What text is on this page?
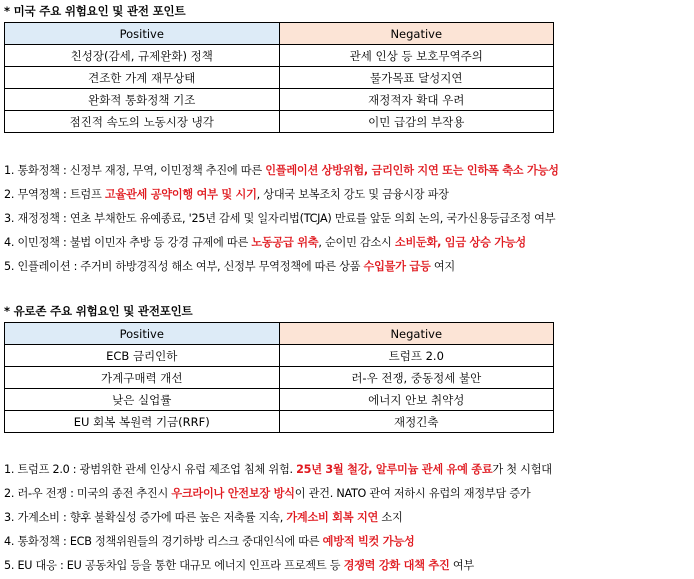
* 미국 주요 위험요인 및 관전 포인트
Positive	Negative
친성장(감세, 규제완화) 정책	관세 인상 등 보호무역주의
견조한 가계 재무상태	물가목표 달성지연
완화적 통화정책 기조	재정적자 확대 우려
점진적 속도의 노동시장 냉각	이민 급감의 부작용
1. 통화정책 : 신정부 재정, 무역, 이민정책 추진에 따른 인플레이션 상방위험, 금리인하 지연 또는 인하폭 축소 가능성
2. 무역정책 : 트럼프 고율관세 공약이행 여부 및 시기, 상대국 보복조치 강도 및 금융시장 파장
3. 재정정책 : 연초 부채한도 유예종료, '25년 감세 및 일자리법(TCJA) 만료를 앞둔 의회 논의, 국가신용등급조정 여부
4. 이민정책 : 불법 이민자 추방 등 강경 규제에 따른 노동공급 위축, 순이민 감소시 소비둔화, 임금 상승 가능성
5. 인플레이션 : 주거비 하방경직성 해소 여부, 신정부 무역정책에 따른 상품 수입물가 급등 여지
* 유로존 주요 위험요인 및 관전포인트
Positive	Negative
ECB 금리인하	트럼프 2.0
가계구매력 개선	러-우 전쟁, 중동정세 불안
낮은 실업률	에너지 안보 취약성
EU 회복 복원력 기금(RRF)	재정긴축
1. 트럼프 2.0 : 광범위한 관세 인상시 유럽 제조업 침체 위험. 25년 3월 철강, 알루미늄 관세 유예 종료가 첫 시험대
2. 러-우 전쟁 : 미국의 종전 추진시 우크라이나 안전보장 방식이 관건. NATO 관여 저하시 유럽의 재정부담 증가
3. 가계소비 : 향후 불확실성 증가에 따른 높은 저축률 지속, 가계소비 회복 지연 소지
4. 통화정책 : ECB 정책위원들의 경기하방 리스크 중대인식에 따른 예방적 빅컷 가능성
5. EU 대응 : EU 공동차입 등을 통한 대규모 에너지 인프라 프로젝트 등 경쟁력 강화 대책 추진 여부
